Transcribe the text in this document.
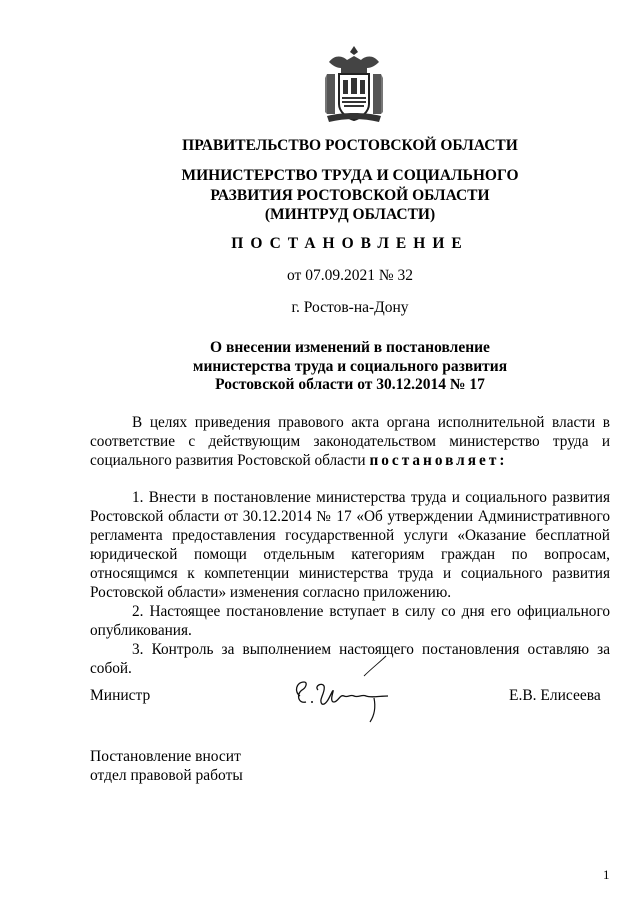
ПРАВИТЕЛЬСТВО РОСТОВСКОЙ ОБЛАСТИ
МИНИСТЕРСТВО ТРУДА И СОЦИАЛЬНОГО
РАЗВИТИЯ РОСТОВСКОЙ ОБЛАСТИ
(МИНТРУД ОБЛАСТИ)
ПОСТАНОВЛЕНИЕ
от 07.09.2021 № 32
г. Ростов-на-Дону
О внесении изменений в постановление
министерства труда и социального развития
Ростовской области от 30.12.2014 № 17

В целях приведения правового акта органа исполнительной власти в соответствие с действующим законодательством министерство труда и социального развития Ростовской области постановляет:

1. Внести в постановление министерства труда и социального развития Ростовской области от 30.12.2014 № 17 «Об утверждении Административного регламента предоставления государственной услуги «Оказание бесплатной юридической помощи отдельным категориям граждан по вопросам, относящимся к компетенции министерства труда и социального развития Ростовской области» изменения согласно приложению.

2. Настоящее постановление вступает в силу со дня его официального опубликования.

3. Контроль за выполнением настоящего постановления оставляю за собой.

Министр	Е.В. Елисеева
Постановление вносит
отдел правовой работы
1
